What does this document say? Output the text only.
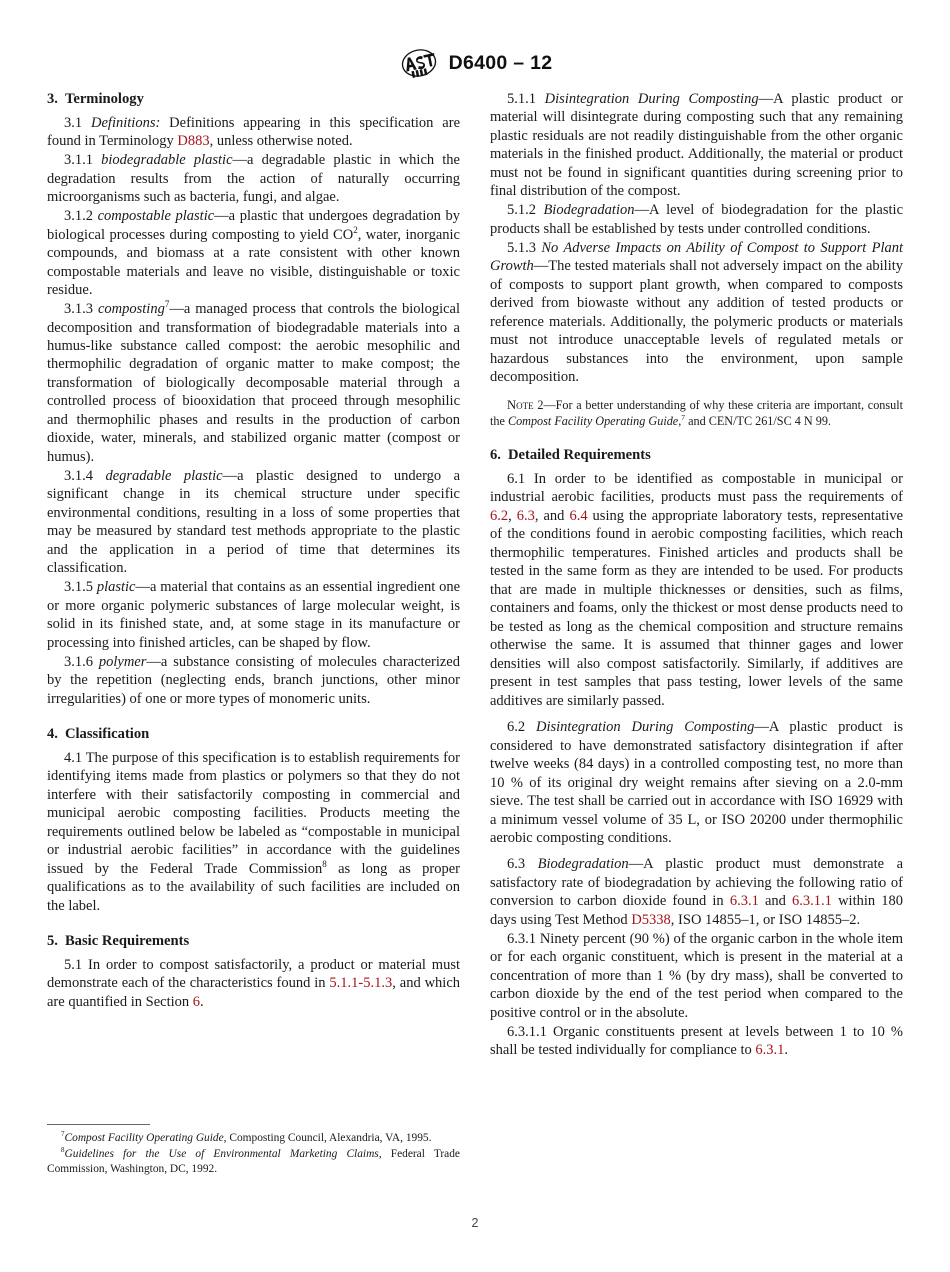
D6400 – 12
3. Terminology

3.1 Definitions: Definitions appearing in this specification are found in Terminology D883, unless otherwise noted.

3.1.1 biodegradable plastic—a degradable plastic in which the degradation results from the action of naturally occurring microorganisms such as bacteria, fungi, and algae.

3.1.2 compostable plastic—a plastic that undergoes degradation by biological processes during composting to yield $CO^2$, water, inorganic compounds, and biomass at a rate consistent with other known compostable materials and leave no visible, distinguishable or toxic residue.

3.1.3 composting$^7$—a managed process that controls the biological decomposition and transformation of biodegradable materials into a humus-like substance called compost: the aerobic mesophilic and thermophilic degradation of organic matter to make compost; the transformation of biologically decomposable material through a controlled process of biooxidation that proceed through mesophilic and thermophilic phases and results in the production of carbon dioxide, water, minerals, and stabilized organic matter (compost or humus).

3.1.4 degradable plastic—a plastic designed to undergo a significant change in its chemical structure under specific environmental conditions, resulting in a loss of some properties that may be measured by standard test methods appropriate to the plastic and the application in a period of time that determines its classification.

3.1.5 plastic—a material that contains as an essential ingredient one or more organic polymeric substances of large molecular weight, is solid in its finished state, and, at some stage in its manufacture or processing into finished articles, can be shaped by flow.

3.1.6 polymer—a substance consisting of molecules characterized by the repetition (neglecting ends, branch junctions, other minor irregularities) of one or more types of monomeric units.

4. Classification

4.1 The purpose of this specification is to establish requirements for identifying items made from plastics or polymers so that they do not interfere with their satisfactorily composting in commercial and municipal aerobic composting facilities. Products meeting the requirements outlined below be labeled as “compostable in municipal or industrial aerobic facilities” in accordance with the guidelines issued by the Federal Trade Commission$^8$ as long as proper qualifications as to the availability of such facilities are included on the label.

5. Basic Requirements

5.1 In order to compost satisfactorily, a product or material must demonstrate each of the characteristics found in 5.1.1-5.1.3, and which are quantified in Section 6.

5.1.1 Disintegration During Composting—A plastic product or material will disintegrate during composting such that any remaining plastic residuals are not readily distinguishable from the other organic materials in the finished product. Additionally, the material or product must not be found in significant quantities during screening prior to final distribution of the compost.

5.1.2 Biodegradation—A level of biodegradation for the plastic products shall be established by tests under controlled conditions.

5.1.3 No Adverse Impacts on Ability of Compost to Support Plant Growth—The tested materials shall not adversely impact on the ability of composts to support plant growth, when compared to composts derived from biowaste without any addition of tested products or reference materials. Additionally, the polymeric products or materials must not introduce unacceptable levels of regulated metals or hazardous substances into the environment, upon sample decomposition.

Note 2—For a better understanding of why these criteria are important, consult the Compost Facility Operating Guide,$^7$ and CEN/TC 261/SC 4 N 99.

6. Detailed Requirements

6.1 In order to be identified as compostable in municipal or industrial aerobic facilities, products must pass the requirements of 6.2, 6.3, and 6.4 using the appropriate laboratory tests, representative of the conditions found in aerobic composting facilities, which reach thermophilic temperatures. Finished articles and products shall be tested in the same form as they are intended to be used. For products that are made in multiple thicknesses or densities, such as films, containers and foams, only the thickest or most dense products need to be tested as long as the chemical composition and structure remains otherwise the same. It is assumed that thinner gages and lower densities will also compost satisfactorily. Similarly, if additives are present in test samples that pass testing, lower levels of the same additives are similarly passed.

6.2 Disintegration During Composting—A plastic product is considered to have demonstrated satisfactory disintegration if after twelve weeks (84 days) in a controlled composting test, no more than 10 % of its original dry weight remains after sieving on a 2.0-mm sieve. The test shall be carried out in accordance with ISO 16929 with a minimum vessel volume of 35 L, or ISO 20200 under thermophilic aerobic composting conditions.

6.3 Biodegradation—A plastic product must demonstrate a satisfactory rate of biodegradation by achieving the following ratio of conversion to carbon dioxide found in 6.3.1 and 6.3.1.1 within 180 days using Test Method D5338, ISO 14855–1, or ISO 14855–2.

6.3.1 Ninety percent (90 %) of the organic carbon in the whole item or for each organic constituent, which is present in the material at a concentration of more than 1 % (by dry mass), shall be converted to carbon dioxide by the end of the test period when compared to the positive control or in the absolute.

6.3.1.1 Organic constituents present at levels between 1 to 10 % shall be tested individually for compliance to 6.3.1.

$^7$Compost Facility Operating Guide, Composting Council, Alexandria, VA, 1995.

$^8$Guidelines for the Use of Environmental Marketing Claims, Federal Trade Commission, Washington, DC, 1992.

2
